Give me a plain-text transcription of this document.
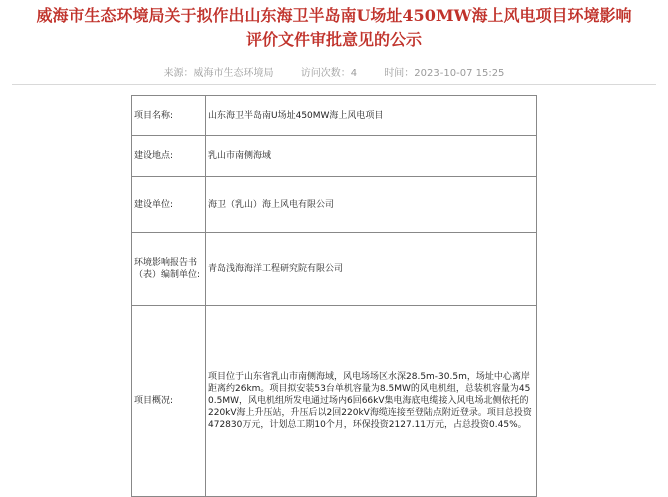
威海市生态环境局关于拟作出山东海卫半岛南U场址450MW海上风电项目环境影响
评价文件审批意见的公示
来源：威海市生态环境局	访问次数：4	时间：2023-10-07 15:25
项目名称:	山东海卫半岛南U场址450MW海上风电项目
建设地点:	乳山市南侧海域
建设单位:	海卫（乳山）海上风电有限公司
环境影响报告书（表）编制单位:	青岛浅海海洋工程研究院有限公司
项目概况:	项目位于山东省乳山市南侧海域，风电场场区水深28.5m-30.5m，场址中心离岸距离约26km。项目拟安装53台单机容量为8.5MW的风电机组，总装机容量为450.5MW，风电机组所发电通过场内6回66kV集电海底电缆接入风电场北侧依托的220kV海上升压站，升压后以2回220kV海缆连接至登陆点附近登录。项目总投资472830万元，计划总工期10个月，环保投资2127.11万元，占总投资0.45%。
